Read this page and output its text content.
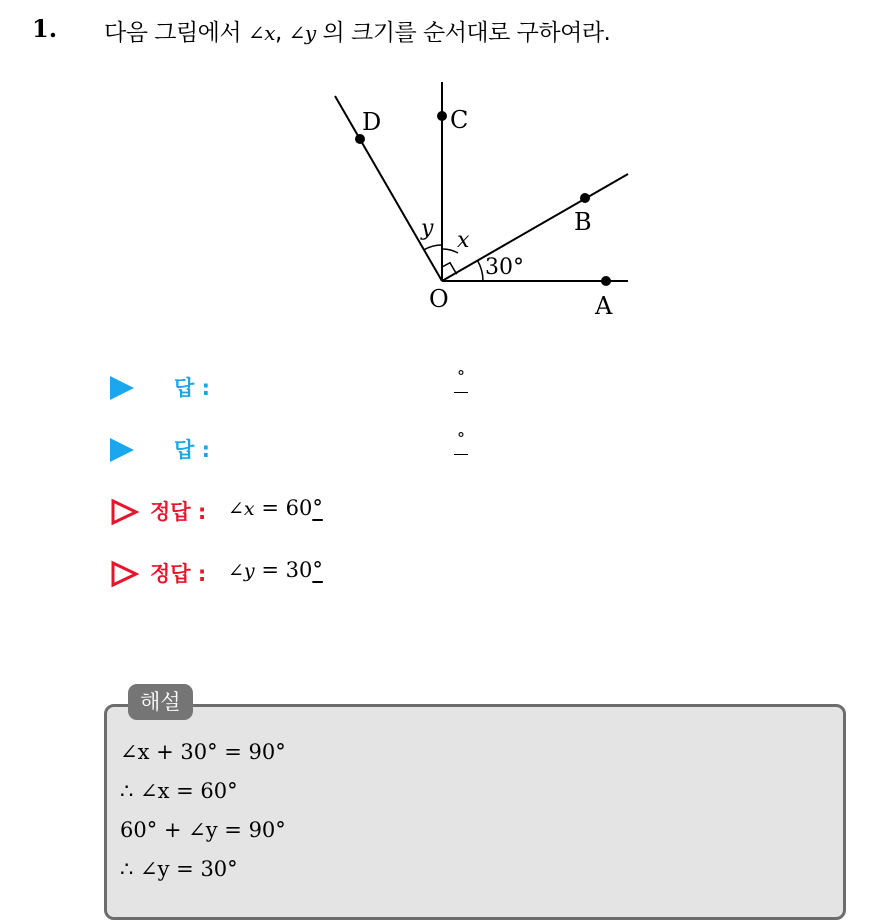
1. 다음 그림에서 ∠x, ∠y 의 크기를 순서대로 구하여라.
A
B
C
D
O
x
y
30°
답 :	°
답 :	°
정답 : ∠x = 60°
정답 : ∠y = 30°
해설
∠x + 30° = 90°
∴ ∠x = 60°
60° + ∠y = 90°
∴ ∠y = 30°
